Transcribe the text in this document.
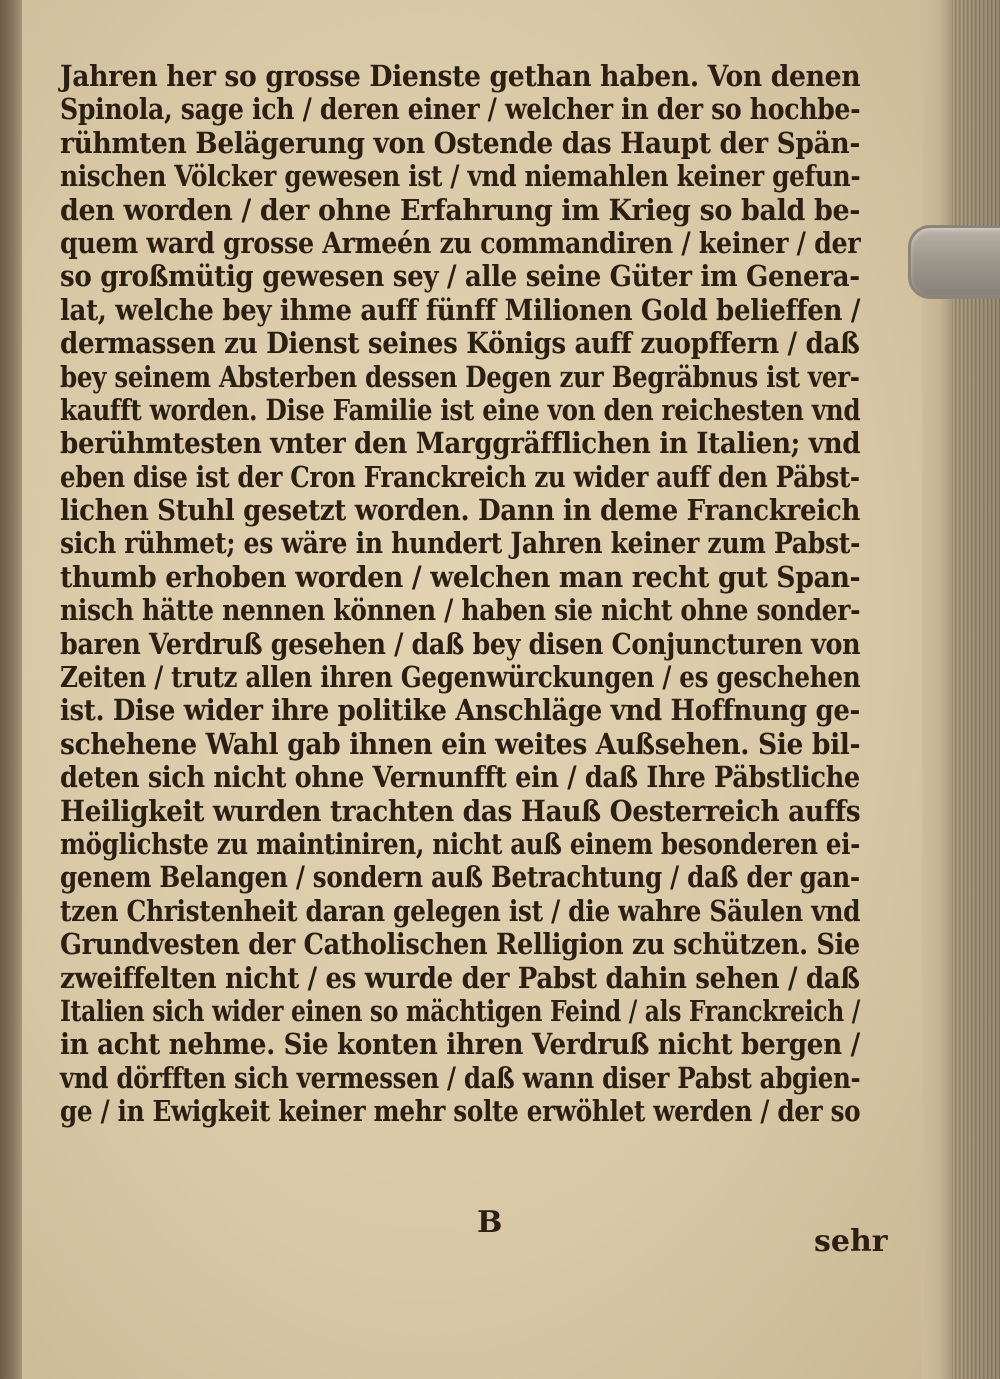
Jahren her so grosse Dienste gethan haben. Von denen
Spinola, sage ich / deren einer / welcher in der so hochbe-
rühmten Belägerung von Ostende das Haupt der Spän-
nischen Völcker gewesen ist / vnd niemahlen keiner gefun-
den worden / der ohne Erfahrung im Krieg so bald be-
quem ward grosse Armeén zu commandiren / keiner / der
so großmütig gewesen sey / alle seine Güter im Genera-
lat, welche bey ihme auff fünff Milionen Gold belieffen /
dermassen zu Dienst seines Königs auff zuopffern / daß
bey seinem Absterben dessen Degen zur Begräbnus ist ver-
kaufft worden. Dise Familie ist eine von den reichesten vnd
berühmtesten vnter den Marggräfflichen in Italien; vnd
eben dise ist der Cron Franckreich zu wider auff den Päbst-
lichen Stuhl gesetzt worden. Dann in deme Franckreich
sich rühmet; es wäre in hundert Jahren keiner zum Pabst-
thumb erhoben worden / welchen man recht gut Span-
nisch hätte nennen können / haben sie nicht ohne sonder-
baren Verdruß gesehen / daß bey disen Conjuncturen von
Zeiten / trutz allen ihren Gegenwürckungen / es geschehen
ist. Dise wider ihre politike Anschläge vnd Hoffnung ge-
schehene Wahl gab ihnen ein weites Außsehen. Sie bil-
deten sich nicht ohne Vernunfft ein / daß Ihre Päbstliche
Heiligkeit wurden trachten das Hauß Oesterreich auffs
möglichste zu maintiniren, nicht auß einem besonderen ei-
genem Belangen / sondern auß Betrachtung / daß der gan-
tzen Christenheit daran gelegen ist / die wahre Säulen vnd
Grundvesten der Catholischen Relligion zu schützen. Sie
zweiffelten nicht / es wurde der Pabst dahin sehen / daß
Italien sich wider einen so mächtigen Feind / als Franckreich /
in acht nehme. Sie konten ihren Verdruß nicht bergen /
vnd dörfften sich vermessen / daß wann diser Pabst abgien-
ge / in Ewigkeit keiner mehr solte erwöhlet werden / der so
B
sehr
